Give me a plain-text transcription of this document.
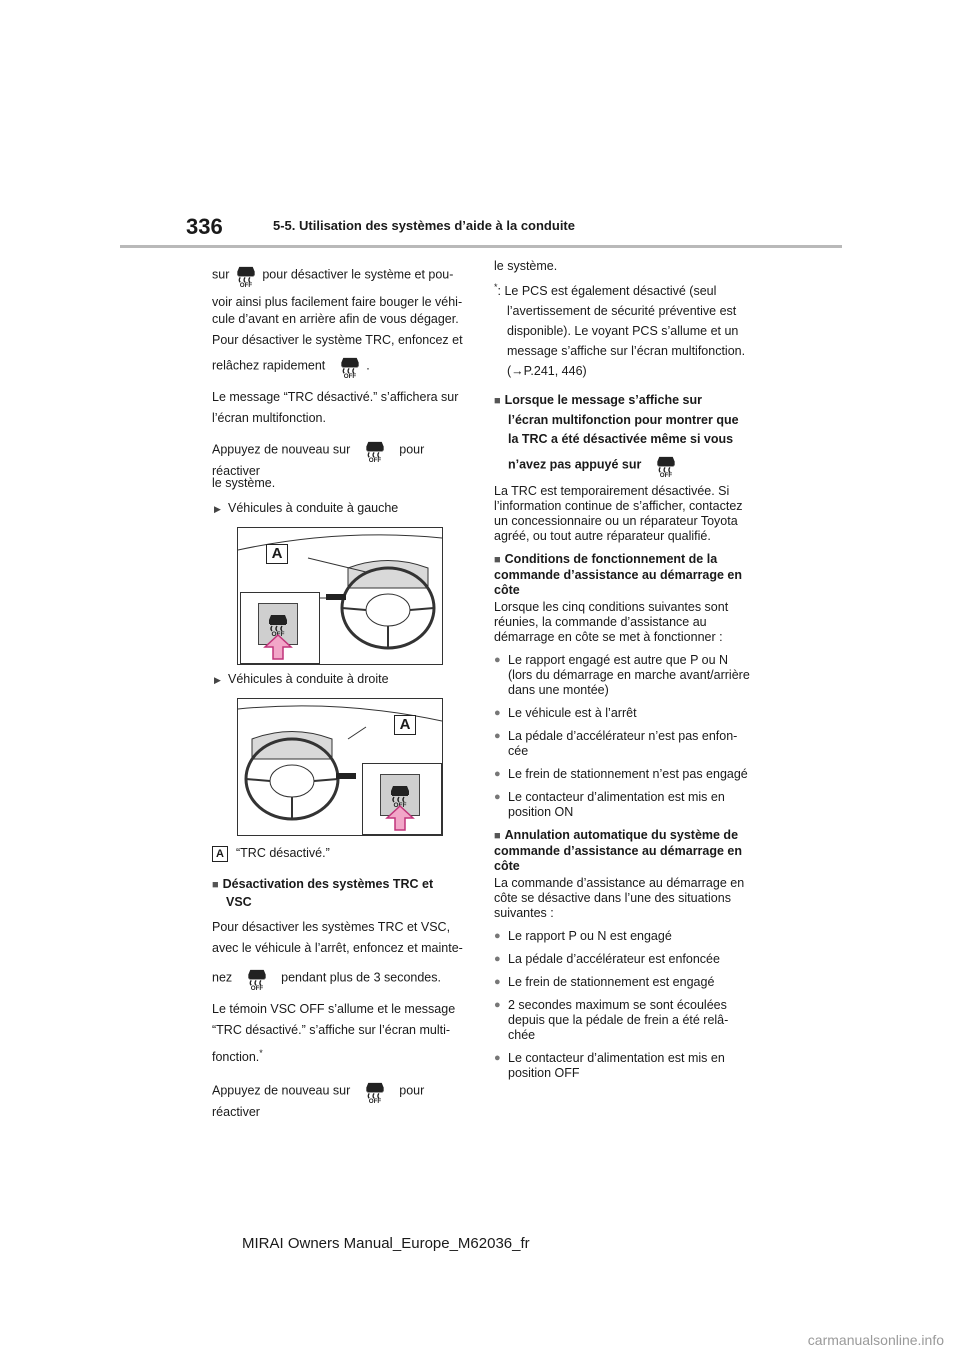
336	5-5. Utilisation des systèmes d’aide à la conduite

sur	pour désactiver le système et pou-

voir ainsi plus facilement faire bouger le véhi-

cule d’avant en arrière afin de vous dégager.

Pour désactiver le système TRC, enfoncez et

relâchez rapidement	.

Le message “TRC désactivé.” s’affichera sur

l’écran multifonction.

Appuyez de nouveau sur	pour réactiver

le système.

▶ Véhicules à conduite à gauche

A

▶ Véhicules à conduite à droite

A

A “TRC désactivé.”

■ Désactivation des systèmes TRC et

VSC

Pour désactiver les systèmes TRC et VSC,

avec le véhicule à l’arrêt, enfoncez et mainte-

nez	pendant plus de 3 secondes.

Le témoin VSC OFF s’allume et le message

“TRC désactivé.” s’affiche sur l’écran multi-

fonction.*

Appuyez de nouveau sur	pour réactiver

le système.

*: Le PCS est également désactivé (seul

l’avertissement de sécurité préventive est

disponible). Le voyant PCS s’allume et un

message s’affiche sur l’écran multifonction.

(→P.241, 446)

■ Lorsque le message s’affiche sur

l’écran multifonction pour montrer que

la TRC a été désactivée même si vous

n’avez pas appuyé sur

La TRC est temporairement désactivée. Si l’information continue de s’afficher, contactez un concessionnaire ou un réparateur Toyota agréé, ou tout autre réparateur qualifié.

■ Conditions de fonctionnement de la commande d’assistance au démarrage en côte

Lorsque les cinq conditions suivantes sont réunies, la commande d’assistance au démarrage en côte se met à fonctionner :

● Le rapport engagé est autre que P ou N (lors du démarrage en marche avant/arrière dans une montée)

● Le véhicule est à l’arrêt

● La pédale d’accélérateur n’est pas enfon-cée

● Le frein de stationnement n’est pas engagé

● Le contacteur d’alimentation est mis en position ON

■ Annulation automatique du système de commande d’assistance au démarrage en côte

La commande d’assistance au démarrage en côte se désactive dans l’une des situations suivantes :

● Le rapport P ou N est engagé

● La pédale d’accélérateur est enfoncée

● Le frein de stationnement est engagé

● 2 secondes maximum se sont écoulées depuis que la pédale de frein a été relâ-chée

● Le contacteur d’alimentation est mis en position OFF

MIRAI Owners Manual_Europe_M62036_fr
carmanualsonline.info
